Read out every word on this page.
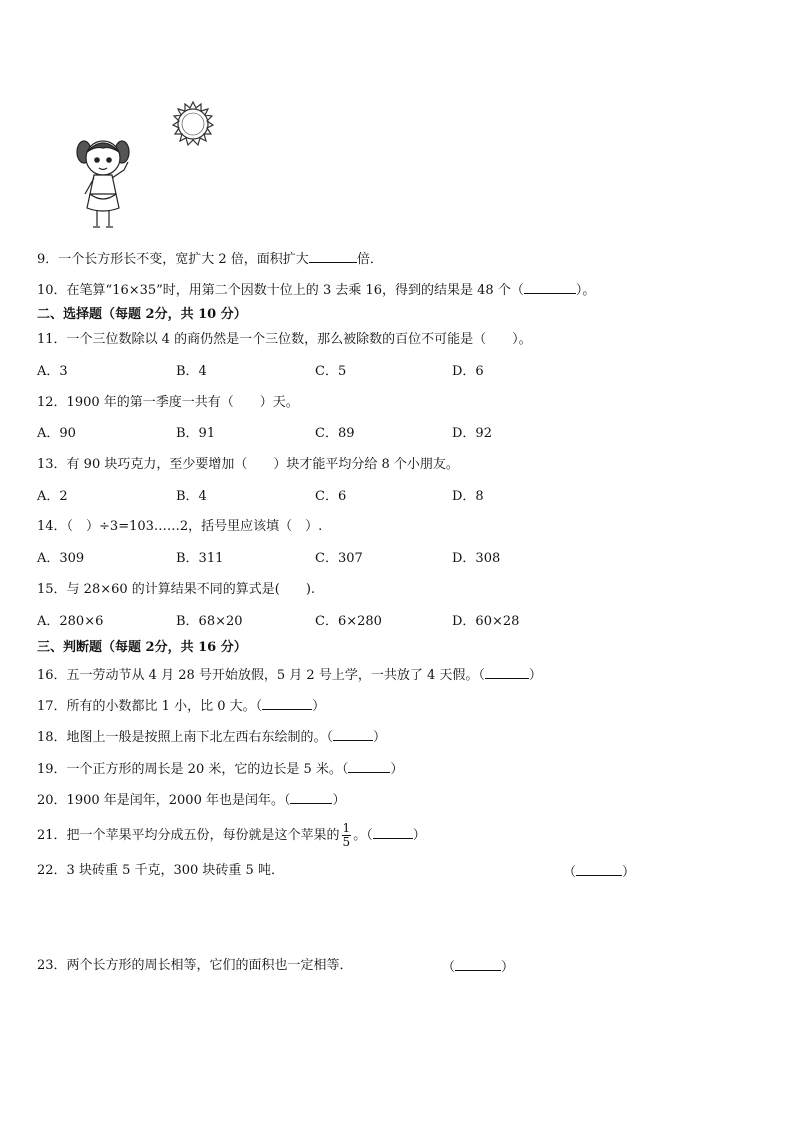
9．一个长方形长不变，宽扩大 2 倍，面积扩大	倍．
10．在笔算“16×35”时，用第二个因数十位上的 3 去乘 16，得到的结果是 48 个（	）。
二、选择题（每题 2分，共 10 分）
11．一个三位数除以 4 的商仍然是一个三位数，那么被除数的百位不可能是（　　）。
A．3	B．4	C．5	D．6
12．1900 年的第一季度一共有（　　）天。
A．90	B．91	C．89	D．92
13．有 90 块巧克力，至少要增加（　　）块才能平均分给 8 个小朋友。
A．2	B．4	C．6	D．8
14．（　）÷3=103……2，括号里应该填（　）.
A．309	B．311	C．307	D．308
15．与 28×60 的计算结果不同的算式是(　　).
A．280×6	B．68×20	C．6×280	D．60×28
三、判断题（每题 2分，共 16 分）
16．五一劳动节从 4 月 28 号开始放假，5 月 2 号上学，一共放了 4 天假。（	）
17．所有的小数都比 1 小，比 0 大。（	）
18．地图上一般是按照上南下北左西右东绘制的。（	）
19．一个正方形的周长是 20 米，它的边长是 5 米。（	）
20．1900 年是闰年，2000 年也是闰年。（	）
21．把一个苹果平均分成五份，每份就是这个苹果的 $\frac{1}{5}$ 。（	）
22．3 块砖重 5 千克，300 块砖重 5 吨．	（	）
23．两个长方形的周长相等，它们的面积也一定相等．	（	）
